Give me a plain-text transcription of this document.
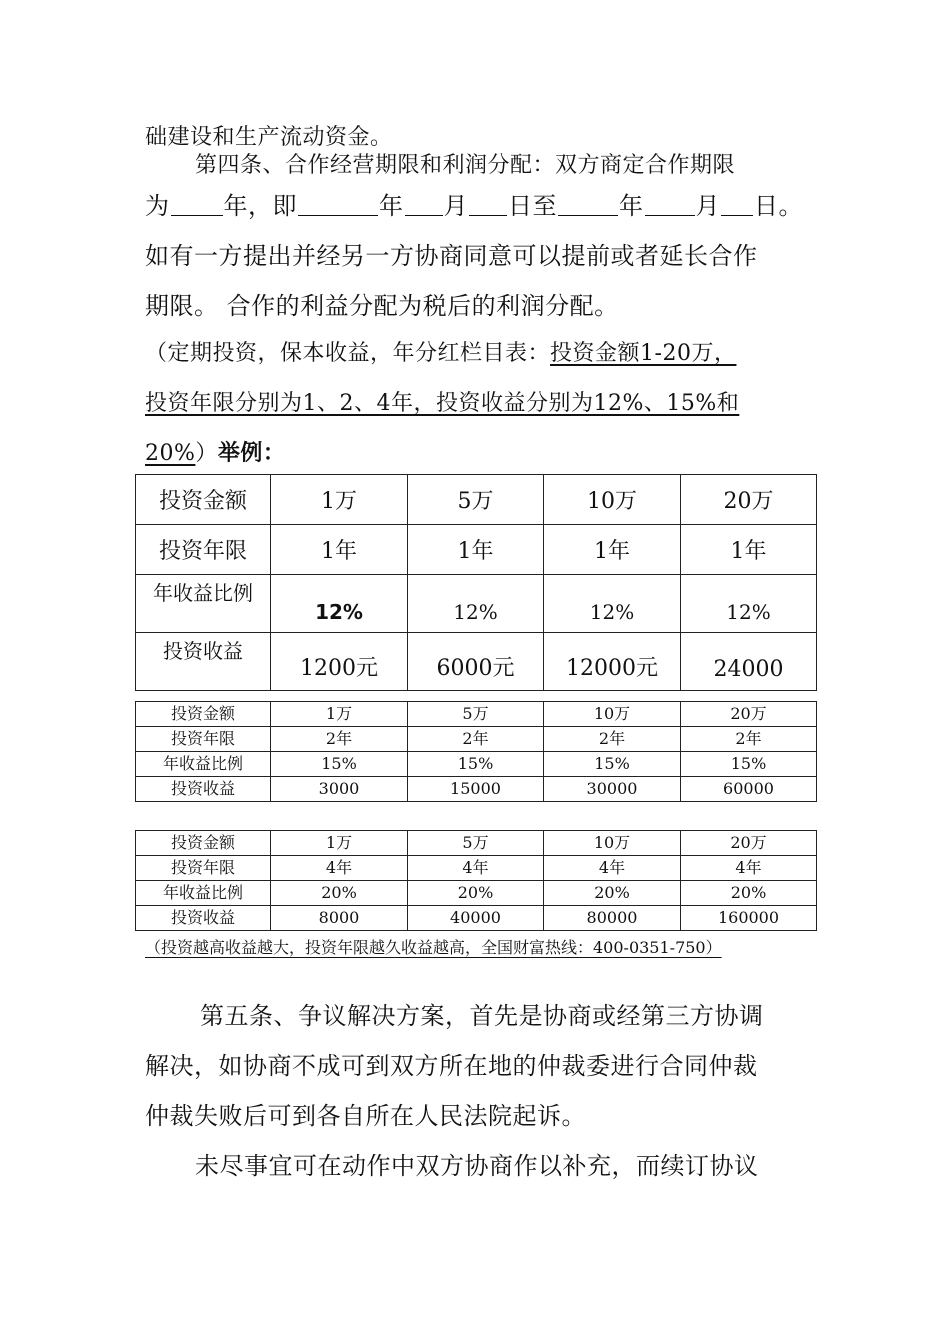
础建设和生产流动资金。
第四条、合作经营期限和利润分配：双方商定合作期限
为 年，即	年 月 日至	年 月 日。
如有一方提出并经另一方协商同意可以提前或者延长合作
期限。 合作的利益分配为税后的利润分配。
（定期投资，保本收益，年分红栏目表：投资金额1-20万，
投资年限分别为1、2、4年，投资收益分别为12%、15%和
20%）举例：
投资金额	1万	5万	10万	20万
投资年限	1年	1年	1年	1年
年收益比例	12%	12%	12%	12%
投资收益	1200元	6000元	12000元	24000
投资金额	1万	5万	10万	20万
投资年限	2年	2年	2年	2年
年收益比例	15%	15%	15%	15%
投资收益	3000	15000	30000	60000
投资金额	1万	5万	10万	20万
投资年限	4年	4年	4年	4年
年收益比例	20%	20%	20%	20%
投资收益	8000	40000	80000	160000
（投资越高收益越大，投资年限越久收益越高，全国财富热线：400-0351-750）
第五条、争议解决方案，首先是协商或经第三方协调
解决，如协商不成可到双方所在地的仲裁委进行合同仲裁
仲裁失败后可到各自所在人民法院起诉。
未尽事宜可在动作中双方协商作以补充，而续订协议
